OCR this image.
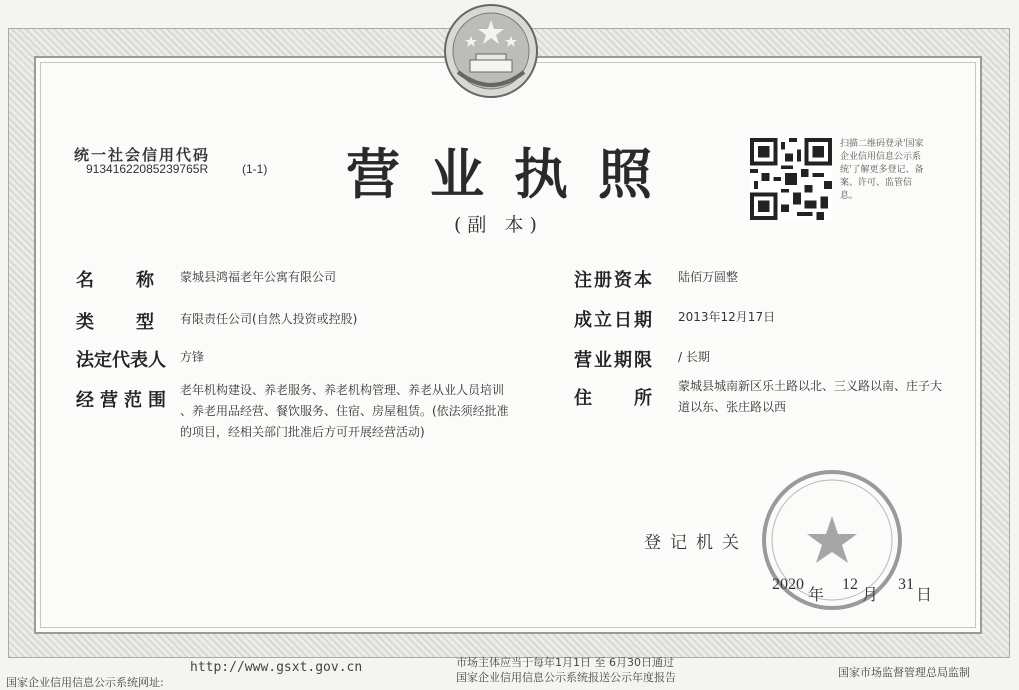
统一社会信用代码
91341622085239765R	(1-1) 营业执照
(副 本)
扫描二维码登录'国家企业信用信息公示系统'了解更多登记、备案、许可、监管信息。
名　　称 蒙城县鸿福老年公寓有限公司
类　　型 有限责任公司(自然人投资或控股)
法定代表人 方锋
经营范围 老年机构建设、养老服务、养老机构管理、养老从业人员培训
、养老用品经营、餐饮服务、住宿、房屋租赁。(依法须经批准
的项目，经相关部门批准后方可开展经营活动)
注册资本 陆佰万圆整
成立日期 2013年12月17日
营业期限 / 长期
住　　所
蒙城县城南新区乐土路以北、三义路以南、庄子大
道以东、张庄路以西
登记机关
2020
年
12
月
31
日
国家企业信用信息公示系统网址:
http://www.gsxt.gov.cn	市场主体应当于每年1月1日 至 6月30日通过
国家企业信用信息公示系统报送公示年度报告	国家市场监督管理总局监制
